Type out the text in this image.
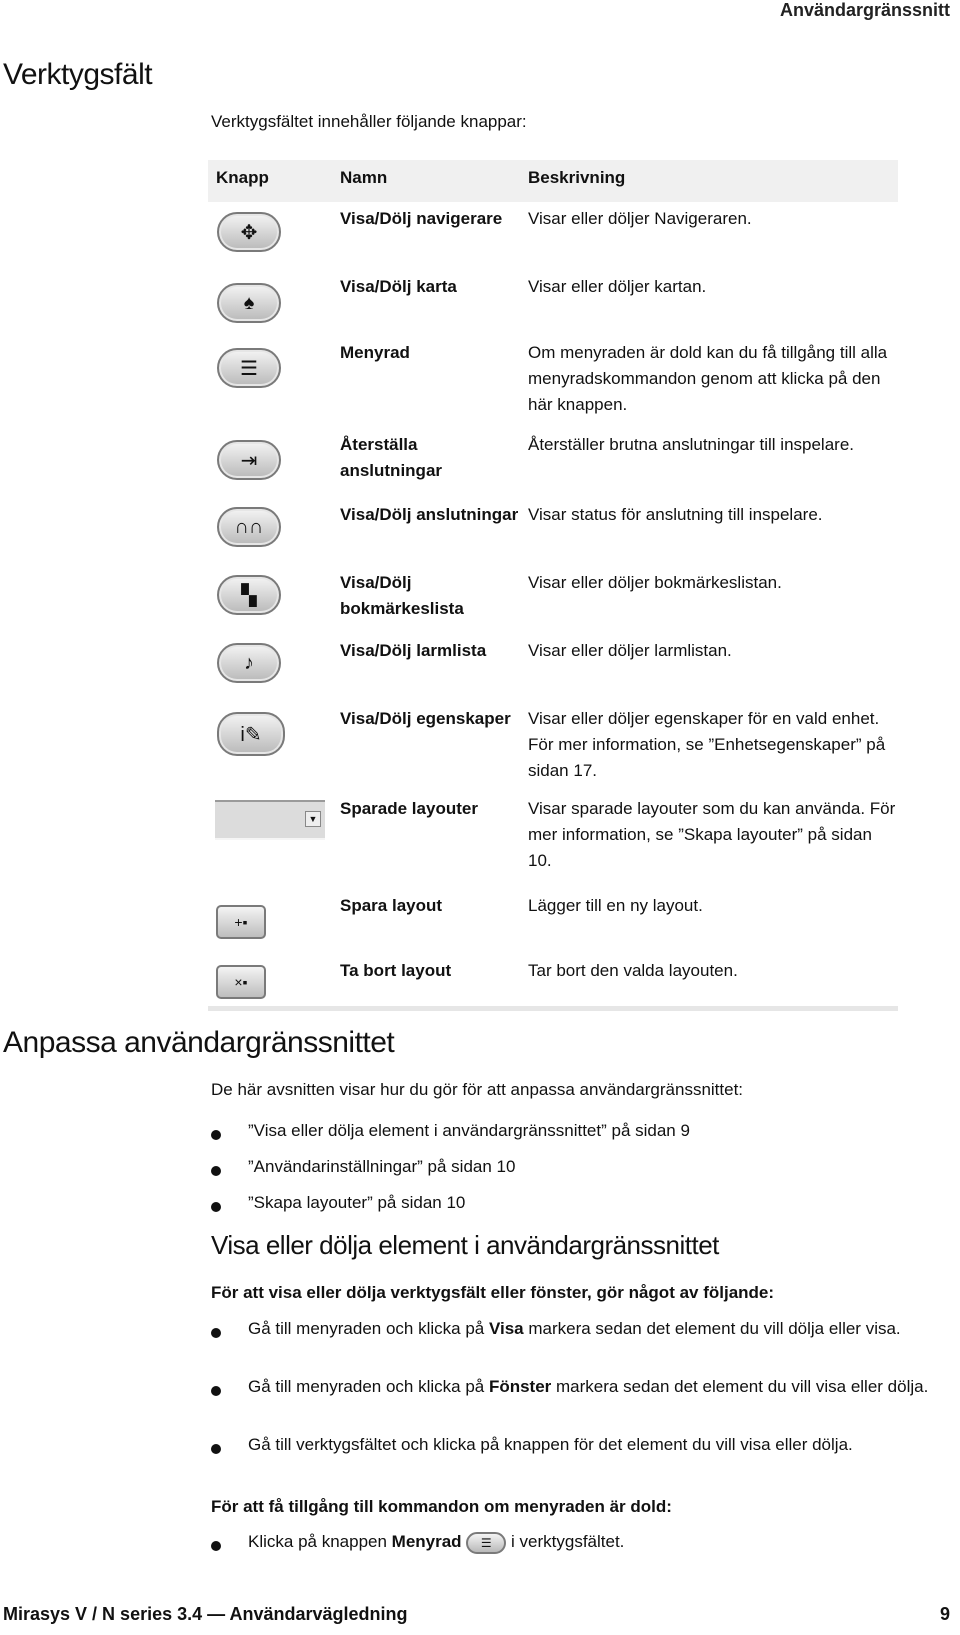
Användargränssnitt
Verktygsfält
Verktygsfältet innehåller följande knappar:
Knapp	Namn	Beskrivning
✥
Visa/Dölj navigerare	Visar eller döljer Navigeraren.
♠
Visa/Dölj karta	Visar eller döljer kartan.
☰
Menyrad	Om menyraden är dold kan du få tillgång till alla menyradskommandon genom att klicka på den här knappen.
⇥
Återställa anslutningar
Återställer brutna anslutningar till inspelare.
∩∩
Visa/Dölj anslutningar Visar status för anslutning till inspelare.
▚
Visa/Dölj bokmärkeslista
Visar eller döljer bokmärkeslistan.
♪
Visa/Dölj larmlista	Visar eller döljer larmlistan.
i✎
Visa/Dölj egenskaper	Visar eller döljer egenskaper för en vald enhet. För mer information, se ”Enhetsegenskaper” på sidan 17.
▼
Sparade layouter	Visar sparade layouter som du kan använda. För mer information, se ”Skapa layouter” på sidan 10.
+▪
Spara layout	Lägger till en ny layout.
×▪
Ta bort layout	Tar bort den valda layouten.
Anpassa användargränssnittet
De här avsnitten visar hur du gör för att anpassa användargränssnittet:
”Visa eller dölja element i användargränssnittet” på sidan 9
”Användarinställningar” på sidan 10
”Skapa layouter” på sidan 10
Visa eller dölja element i användargränssnittet
För att visa eller dölja verktygsfält eller fönster, gör något av följande:
Gå till menyraden och klicka på Visa markera sedan det element du vill dölja eller visa.
Gå till menyraden och klicka på Fönster markera sedan det element du vill visa eller dölja.
Gå till verktygsfältet och klicka på knappen för det element du vill visa eller dölja.
För att få tillgång till kommandon om menyraden är dold:
Klicka på knappen Menyrad ☰ i verktygsfältet.
Mirasys V / N series 3.4 — Användarvägledning	9
